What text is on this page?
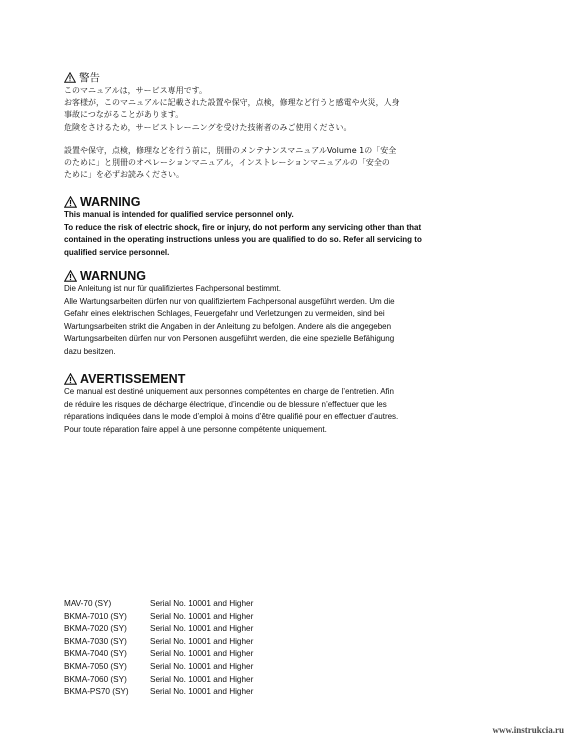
警告
このマニュアルは，サービス専用です。
お客様が，このマニュアルに記載された設置や保守，点検，修理など行うと感電や火災，人身
事故につながることがあります。
危険をさけるため，サービストレーニングを受けた技術者のみご使用ください。
設置や保守，点検，修理などを行う前に，別冊のメンテナンスマニュアルVolume 1の「安全
のために」と別冊のオペレーションマニュアル，インストレーションマニュアルの「安全の
ために」を必ずお読みください。
WARNING
This manual is intended for qualified service personnel only.
To reduce the risk of electric shock, fire or injury, do not perform any servicing other than that
contained in the operating instructions unless you are qualified to do so. Refer all servicing to
qualified service personnel.
WARNUNG
Die Anleitung ist nur für qualifiziertes Fachpersonal bestimmt.
Alle Wartungsarbeiten dürfen nur von qualifiziertem Fachpersonal ausgeführt werden. Um die
Gefahr eines elektrischen Schlages, Feuergefahr und Verletzungen zu vermeiden, sind bei
Wartungsarbeiten strikt die Angaben in der Anleitung zu befolgen. Andere als die angegeben
Wartungsarbeiten dürfen nur von Personen ausgeführt werden, die eine spezielle Befähigung
dazu besitzen.
AVERTISSEMENT
Ce manual est destiné uniquement aux personnes compétentes en charge de l’entretien. Afin
de réduire les risques de décharge électrique, d’incendie ou de blessure n’effectuer que les
réparations indiquées dans le mode d’emploi à moins d’être qualifié pour en effectuer d’autres.
Pour toute réparation faire appel à une personne compétente uniquement.
MAV-70 (SY)	Serial No. 10001 and Higher
BKMA-7010 (SY)	Serial No. 10001 and Higher
BKMA-7020 (SY)	Serial No. 10001 and Higher
BKMA-7030 (SY)	Serial No. 10001 and Higher
BKMA-7040 (SY)	Serial No. 10001 and Higher
BKMA-7050 (SY)	Serial No. 10001 and Higher
BKMA-7060 (SY)	Serial No. 10001 and Higher
BKMA-PS70 (SY)	Serial No. 10001 and Higher
www.instrukcia.ru
